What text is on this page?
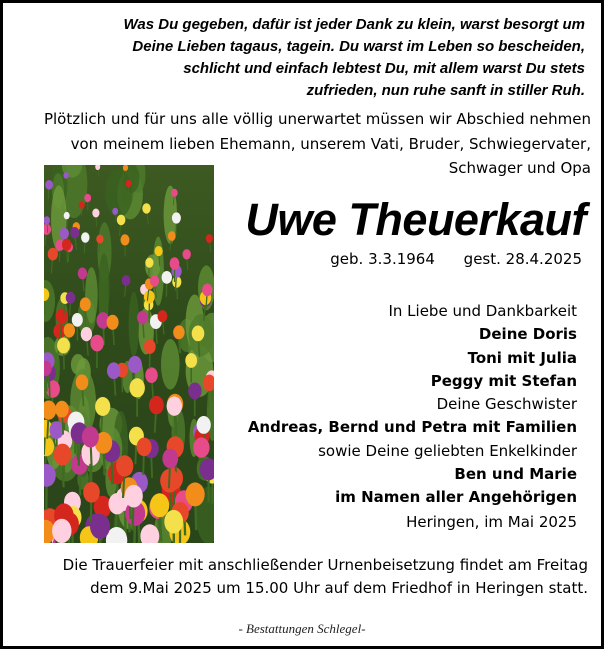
Was Du gegeben, dafür ist jeder Dank zu klein, warst besorgt um
Deine Lieben tagaus, tagein. Du warst im Leben so bescheiden,
schlicht und einfach lebtest Du, mit allem warst Du stets
zufrieden, nun ruhe sanft in stiller Ruh.
Plötzlich und für uns alle völlig unerwartet müssen wir Abschied nehmen
von meinem lieben Ehemann, unserem Vati, Bruder, Schwiegervater,
Schwager und Opa
Uwe Theuerkauf
geb. 3.3.1964 gest. 28.4.2025
In Liebe und Dankbarkeit
Deine Doris
Toni mit Julia
Peggy mit Stefan
Deine Geschwister
Andreas, Bernd und Petra mit Familien
sowie Deine geliebten Enkelkinder
Ben und Marie
im Namen aller Angehörigen
Heringen, im Mai 2025
Die Trauerfeier mit anschließender Urnenbeisetzung findet am Freitag
dem 9.Mai 2025 um 15.00 Uhr auf dem Friedhof in Heringen statt.
- Bestattungen Schlegel-
